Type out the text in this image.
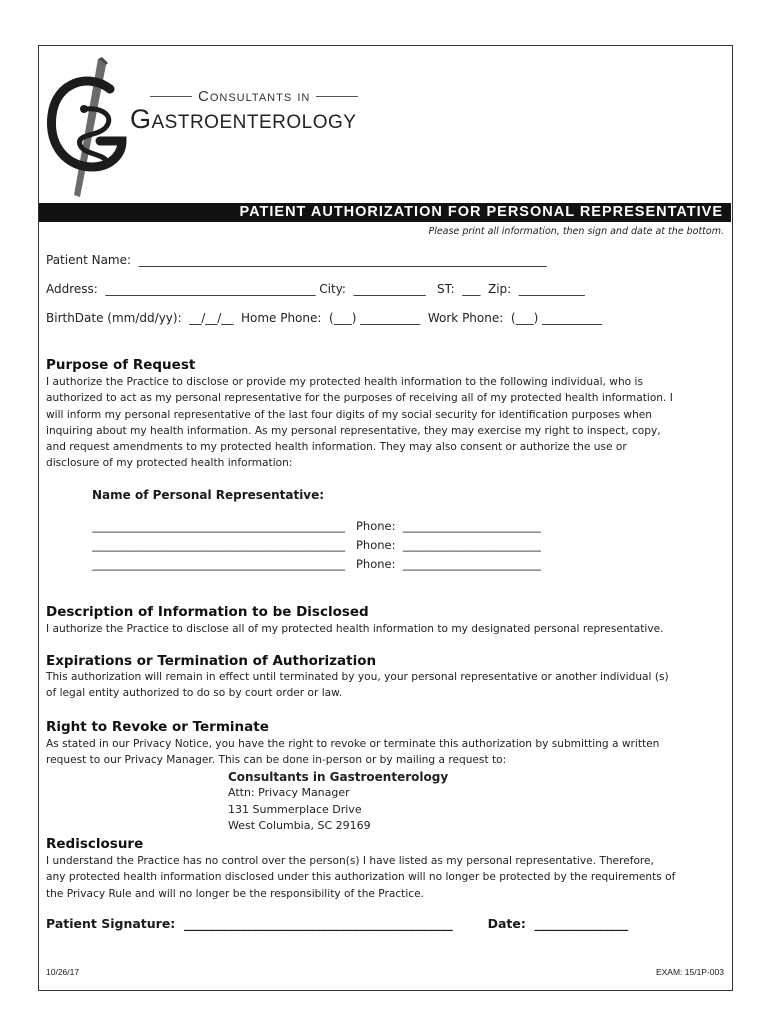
Consultants in
Gastroenterology
PATIENT AUTHORIZATION FOR PERSONAL REPRESENTATIVE
Please print all information, then sign and date at the bottom.
Patient Name:  ____________________________________________________________________
Address:  ___________________________________ City:  ____________   ST:  ___  Zip:  ___________
BirthDate (mm/dd/yy):  __/__/__  Home Phone:  (___) __________  Work Phone:  (___) __________
Purpose of Request
I authorize the Practice to disclose or provide my protected health information to the following individual, who is
authorized to act as my personal representative for the purposes of receiving all of my protected health information. I
will inform my personal representative of the last four digits of my social security for identification purposes when
inquiring about my health information. As my personal representative, they may exercise my right to inspect, copy,
and request amendments to my protected health information. They may also consent or authorize the use or
disclosure of my protected health information:
Name of Personal Representative:
____________________________________________   Phone:  ________________________
____________________________________________   Phone:  ________________________
____________________________________________   Phone:  ________________________
Description of Information to be Disclosed
I authorize the Practice to disclose all of my protected health information to my designated personal representative.
Expirations or Termination of Authorization
This authorization will remain in effect until terminated by you, your personal representative or another individual (s)
of legal entity authorized to do so by court order or law.
Right to Revoke or Terminate
As stated in our Privacy Notice, you have the right to revoke or terminate this authorization by submitting a written
request to our Privacy Manager. This can be done in-person or by mailing a request to:
Consultants in Gastroenterology
Attn: Privacy Manager
131 Summerplace Drive
West Columbia, SC 29169
Redisclosure
I understand the Practice has no control over the person(s) I have listed as my personal representative. Therefore,
any protected health information disclosed under this authorization will no longer be protected by the requirements of
the Privacy Rule and will no longer be the responsibility of the Practice.
Patient Signature:  ___________________________________________        Date:  _______________
10/26/17	EXAM: 15/1P-003
